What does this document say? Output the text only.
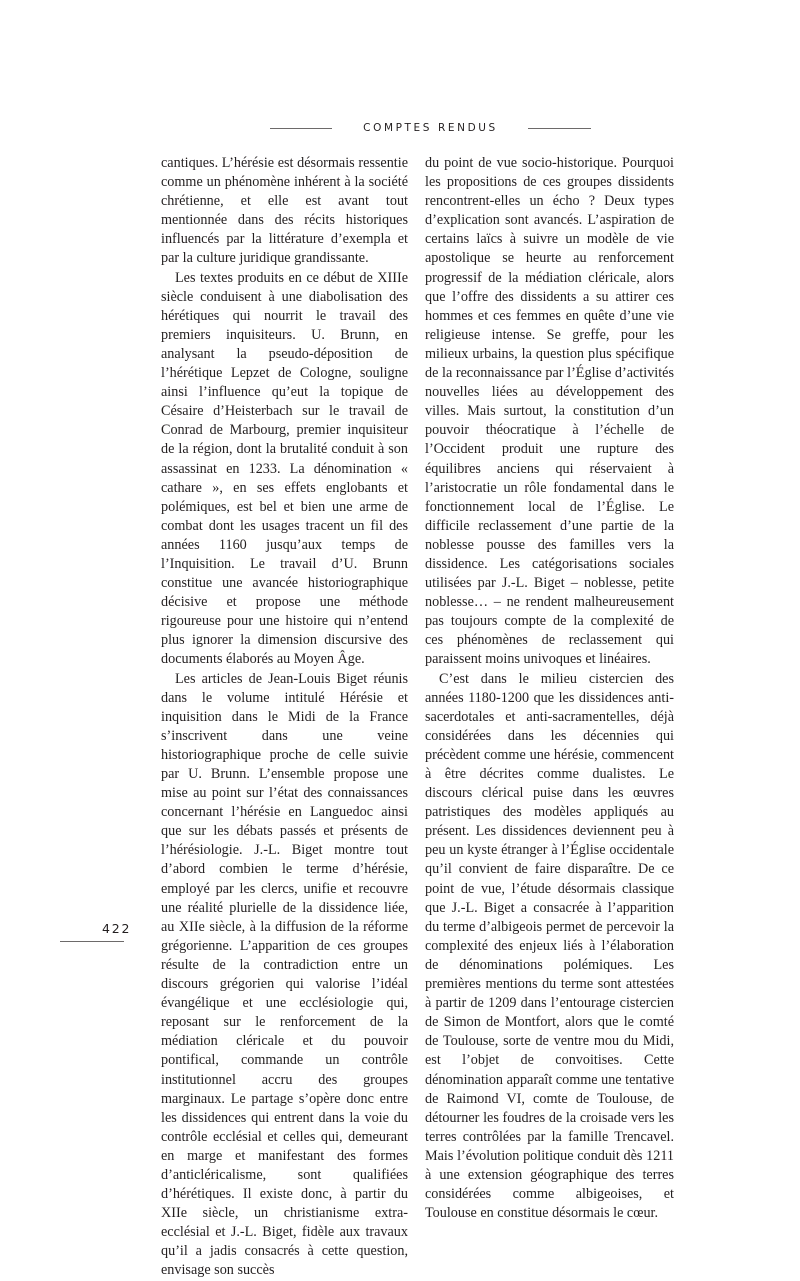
COMPTES RENDUS

cantiques. L’hérésie est désormais ressentie comme un phénomène inhérent à la société chrétienne, et elle est avant tout mentionnée dans des récits historiques influencés par la littérature d’exempla et par la culture juridique grandissante.

Les textes produits en ce début de XIIIe siècle conduisent à une diabolisation des hérétiques qui nourrit le travail des premiers inquisiteurs. U. Brunn, en analysant la pseudo-déposition de l’hérétique Lepzet de Cologne, souligne ainsi l’influence qu’eut la topique de Césaire d’Heisterbach sur le travail de Conrad de Marbourg, premier inquisiteur de la région, dont la brutalité conduit à son assassinat en 1233. La dénomination « cathare », en ses effets englobants et polémiques, est bel et bien une arme de combat dont les usages tracent un fil des années 1160 jusqu’aux temps de l’Inquisition. Le travail d’U. Brunn constitue une avancée historiographique décisive et propose une méthode rigoureuse pour une histoire qui n’entend plus ignorer la dimension discursive des documents élaborés au Moyen Âge.

Les articles de Jean-Louis Biget réunis dans le volume intitulé Hérésie et inquisition dans le Midi de la France s’inscrivent dans une veine historiographique proche de celle suivie par U. Brunn. L’ensemble propose une mise au point sur l’état des connaissances concernant l’hérésie en Languedoc ainsi que sur les débats passés et présents de l’hérésiologie. J.-L. Biget montre tout d’abord combien le terme d’hérésie, employé par les clercs, unifie et recouvre une réalité plurielle de la dissidence liée, au XIIe siècle, à la diffusion de la réforme grégorienne. L’apparition de ces groupes résulte de la contradiction entre un discours grégorien qui valorise l’idéal évangélique et une ecclésiologie qui, reposant sur le renforcement de la médiation cléricale et du pouvoir pontifical, commande un contrôle institutionnel accru des groupes marginaux. Le partage s’opère donc entre les dissidences qui entrent dans la voie du contrôle ecclésial et celles qui, demeurant en marge et manifestant des formes d’anticléricalisme, sont qualifiées d’hérétiques. Il existe donc, à partir du XIIe siècle, un christianisme extra-ecclésial et J.-L. Biget, fidèle aux travaux qu’il a jadis consacrés à cette question, envisage son succès

du point de vue socio-historique. Pourquoi les propositions de ces groupes dissidents rencontrent-elles un écho ? Deux types d’explication sont avancés. L’aspiration de certains laïcs à suivre un modèle de vie apostolique se heurte au renforcement progressif de la médiation cléricale, alors que l’offre des dissidents a su attirer ces hommes et ces femmes en quête d’une vie religieuse intense. Se greffe, pour les milieux urbains, la question plus spécifique de la reconnaissance par l’Église d’activités nouvelles liées au développement des villes. Mais surtout, la constitution d’un pouvoir théocratique à l’échelle de l’Occident produit une rupture des équilibres anciens qui réservaient à l’aristocratie un rôle fondamental dans le fonctionnement local de l’Église. Le difficile reclassement d’une partie de la noblesse pousse des familles vers la dissidence. Les catégorisations sociales utilisées par J.-L. Biget – noblesse, petite noblesse… – ne rendent malheureusement pas toujours compte de la complexité de ces phénomènes de reclassement qui paraissent moins univoques et linéaires.

C’est dans le milieu cistercien des années 1180-1200 que les dissidences anti-sacerdotales et anti-sacramentelles, déjà considérées dans les décennies qui précèdent comme une hérésie, commencent à être décrites comme dualistes. Le discours clérical puise dans les œuvres patristiques des modèles appliqués au présent. Les dissidences deviennent peu à peu un kyste étranger à l’Église occidentale qu’il convient de faire disparaître. De ce point de vue, l’étude désormais classique que J.-L. Biget a consacrée à l’apparition du terme d’albigeois permet de percevoir la complexité des enjeux liés à l’élaboration de dénominations polémiques. Les premières mentions du terme sont attestées à partir de 1209 dans l’entourage cistercien de Simon de Montfort, alors que le comté de Toulouse, sorte de ventre mou du Midi, est l’objet de convoitises. Cette dénomination apparaît comme une tentative de Raimond VI, comte de Toulouse, de détourner les foudres de la croisade vers les terres contrôlées par la famille Trencavel. Mais l’évolution politique conduit dès 1211 à une extension géographique des terres considérées comme albigeoises, et Toulouse en constitue désormais le cœur.

422
